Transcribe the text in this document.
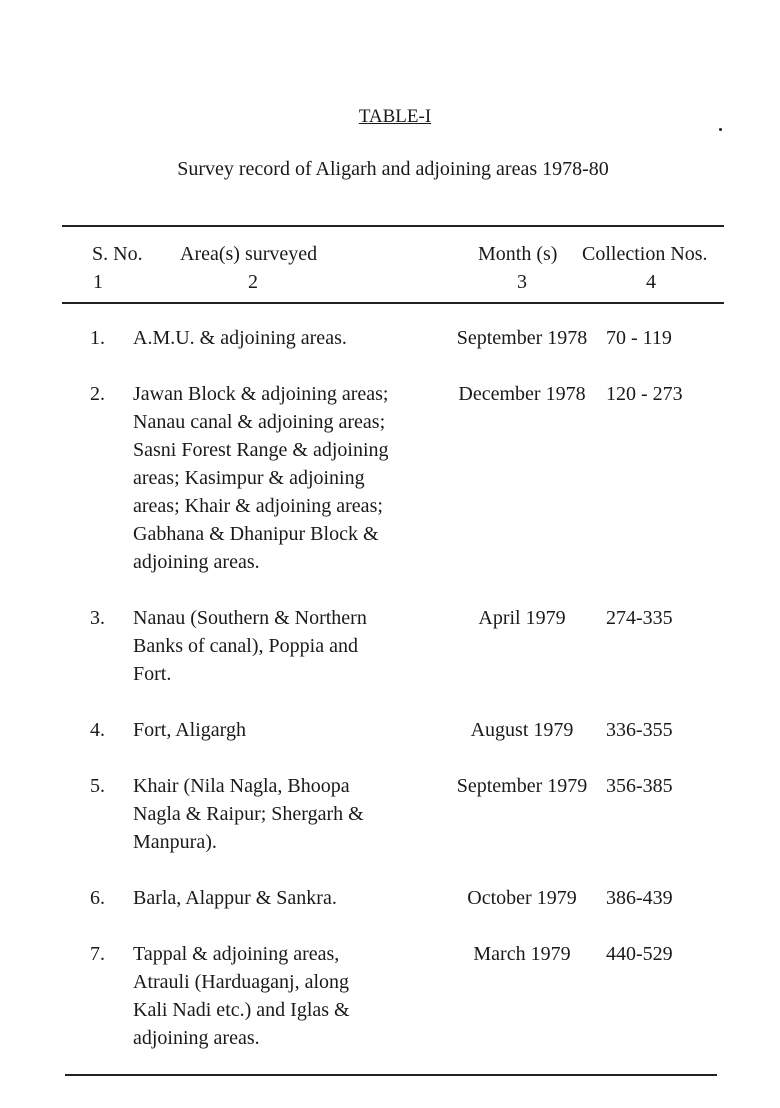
TABLE-I
Survey record of Aligarh and adjoining areas 1978-80
S. No. Area(s) surveyed	Month (s) Collection Nos.
1	2	3	4
1. A.M.U. & adjoining areas.	September 1978 70 - 119
2. Jawan Block & adjoining areas;
Nanau canal & adjoining areas;
Sasni Forest Range & adjoining
areas; Kasimpur & adjoining
areas; Khair & adjoining areas;
Gabhana & Dhanipur Block &
adjoining areas.
December 1978	120 - 273
3. Nanau (Southern & Northern
Banks of canal), Poppia and
Fort.
April 1979	274-335
4. Fort, Aligargh	August 1979	336-355
5. Khair (Nila Nagla, Bhoopa
Nagla & Raipur; Shergarh &
Manpura).
September 1979 356-385
6. Barla, Alappur & Sankra.	October 1979	386-439
7. Tappal & adjoining areas,
Atrauli (Harduaganj, along
Kali Nadi etc.) and Iglas &
adjoining areas.
March 1979	440-529
